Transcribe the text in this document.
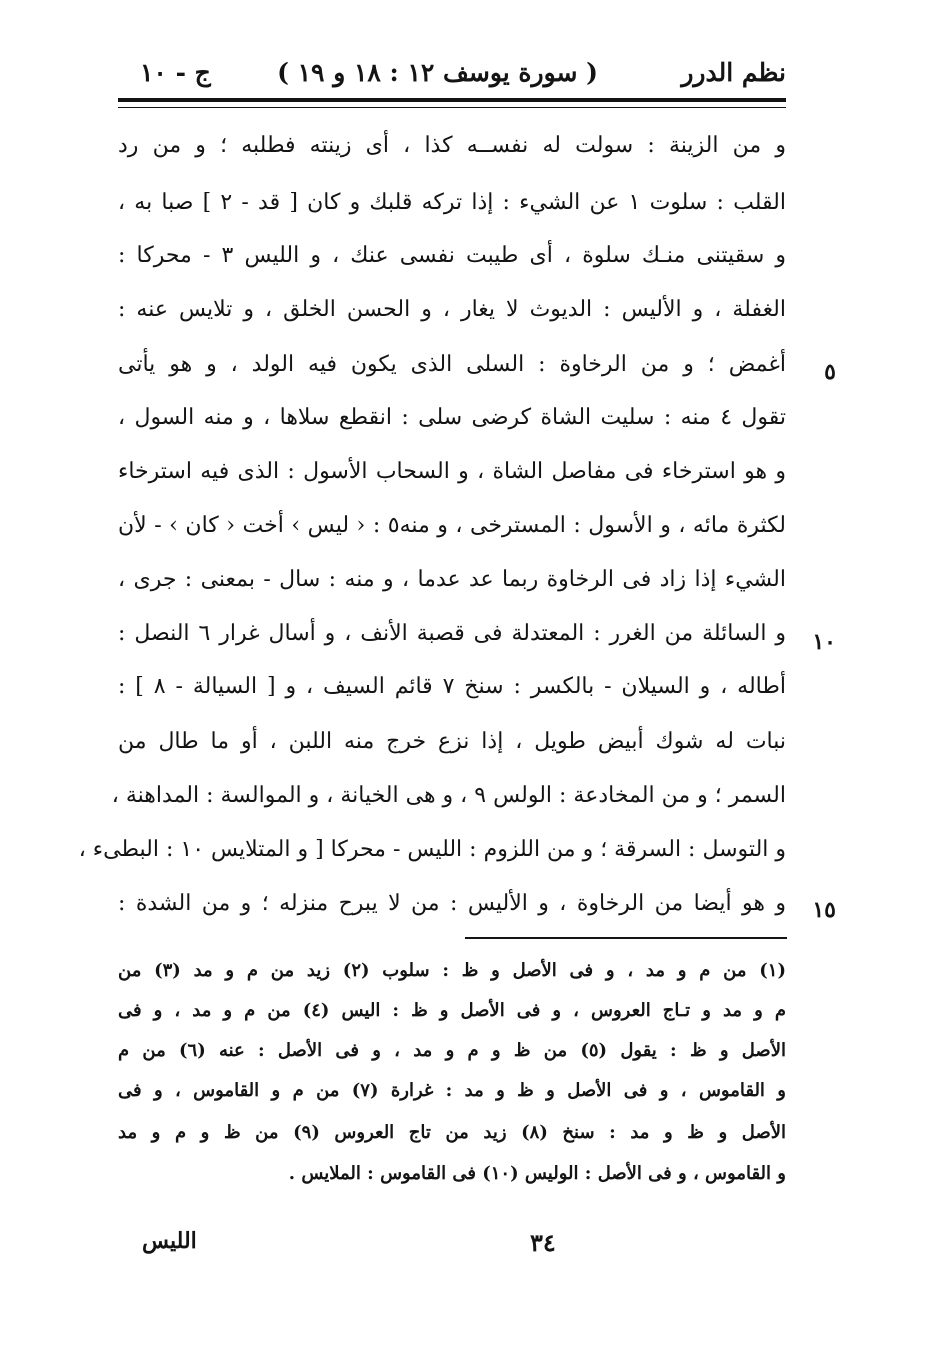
نظم الدرر
( سورة يوسف ١٢ : ١٨ و ١٩ )
ج - ١٠
و من الزينة : سولت له نفســه كذا ، أى زينته فطلبه ؛ و من رد
القلب : سلوت ١ عن الشيء : إذا تركه قلبك و كان [ قد - ٢ ] صبا به ،
و سقيتنى منـك سلوة ، أى طيبت نفسى عنك ، و الليس ٣ - محركا :
الغفلة ، و الأليس : الديوث لا يغار ، و الحسن الخلق ، و تلايس عنه :
أغمض ؛ و من الرخاوة : السلى الذى يكون فيه الولد ، و هو يأتى
تقول ٤ منه : سليت الشاة كرضى سلى : انقطع سلاها ، و منه السول ،
و هو استرخاء فى مفاصل الشاة ، و السحاب الأسول : الذى فيه استرخاء
لكثرة مائه ، و الأسول : المسترخى ، و منه٥ : ‹ ليس › أخت ‹ كان › - لأن
الشيء إذا زاد فى الرخاوة ربما عد عدما ، و منه : سال - بمعنى : جرى ،
و السائلة من الغرر : المعتدلة فى قصبة الأنف ، و أسال غرار ٦ النصل :
أطاله ، و السيلان - بالكسر : سنخ ٧ قائم السيف ، و [ السيالة - ٨ ] :
نبات له شوك أبيض طويل ، إذا نزع خرج منه اللبن ، أو ما طال من
السمر ؛ و من المخادعة : الولس ٩ ، و هى الخيانة ، و الموالسة : المداهنة ،
و التوسل : السرقة ؛ و من اللزوم : الليس - محركا [ و المتلايس ١٠ : البطىء ،
و هو أيضا من الرخاوة ، و الأليس : من لا يبرح منزله ؛ و من الشدة :
٥
١٠
١٥
(١) من م و مد ، و فى الأصل و ظ : سلوب (٢) زيد من م و مد (٣) من
م و مد و تـاج العروس ، و فى الأصل و ظ : اليس (٤) من م و مد ، و فى
الأصل و ظ : يقول (٥) من ظ و م و مد ، و فى الأصل : عنه (٦) من م
و القاموس ، و فى الأصل و ظ و مد : غرارة (٧) من م و القاموس ، و فى
الأصل و ظ و مد : سنخ (٨) زيد من تاج العروس (٩) من ظ و م و مد
و القاموس ، و فى الأصل : الوليس (١٠) فى القاموس : الملايس .
٣٤
الليس
